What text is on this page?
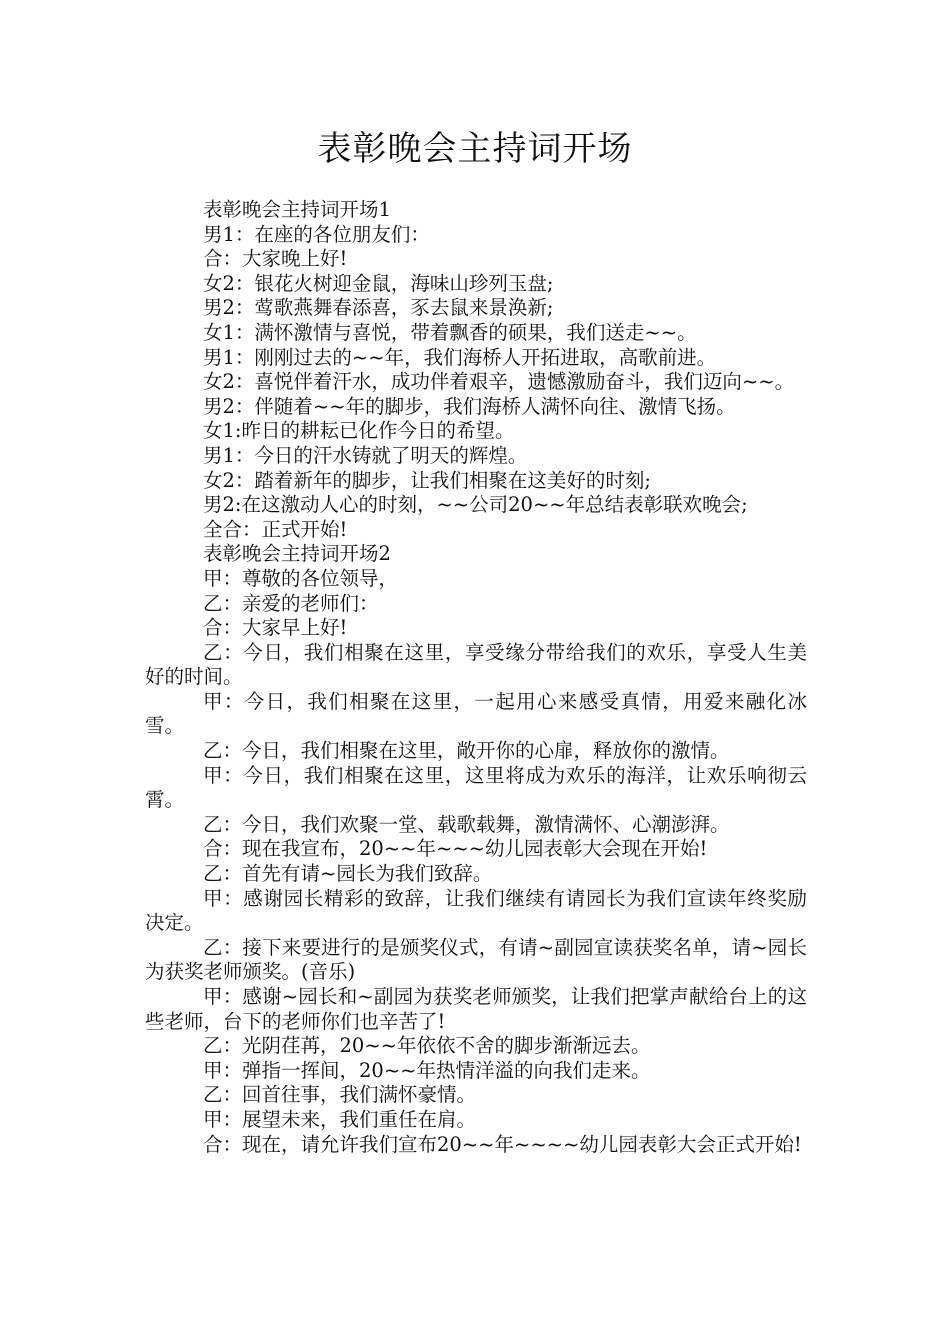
表彰晚会主持词开场

表彰晚会主持词开场1

男1：在座的各位朋友们：

合：大家晚上好!

女2：银花火树迎金鼠，海味山珍列玉盘;

男2：莺歌燕舞春添喜，豕去鼠来景涣新;

女1：满怀激情与喜悦，带着飘香的硕果，我们送走~~。

男1：刚刚过去的~~年，我们海桥人开拓进取，高歌前进。

女2：喜悦伴着汗水，成功伴着艰辛，遗憾激励奋斗，我们迈向~~。

男2：伴随着~~年的脚步，我们海桥人满怀向往、激情飞扬。

女1:昨日的耕耘已化作今日的希望。

男1：今日的汗水铸就了明天的辉煌。

女2：踏着新年的脚步，让我们相聚在这美好的时刻;

男2:在这激动人心的时刻，~~公司20~~年总结表彰联欢晚会;

全合：正式开始!

表彰晚会主持词开场2

甲：尊敬的各位领导，

乙：亲爱的老师们：

合：大家早上好!

乙：今日，我们相聚在这里，享受缘分带给我们的欢乐，享受人生美好的时间。

甲：今日，我们相聚在这里，一起用心来感受真情，用爱来融化冰雪。

乙：今日，我们相聚在这里，敞开你的心扉，释放你的激情。

甲：今日，我们相聚在这里，这里将成为欢乐的海洋，让欢乐响彻云霄。

乙：今日，我们欢聚一堂、载歌载舞，激情满怀、心潮澎湃。

合：现在我宣布，20~~年~~~幼儿园表彰大会现在开始!

乙：首先有请~园长为我们致辞。

甲：感谢园长精彩的致辞，让我们继续有请园长为我们宣读年终奖励决定。

乙：接下来要进行的是颁奖仪式，有请~副园宣读获奖名单，请~园长为获奖老师颁奖。(音乐)

甲：感谢~园长和~副园为获奖老师颁奖，让我们把掌声献给台上的这些老师，台下的老师你们也辛苦了!

乙：光阴荏苒，20~~年依依不舍的脚步渐渐远去。

甲：弹指一挥间，20~~年热情洋溢的向我们走来。

乙：回首往事，我们满怀豪情。

甲：展望未来，我们重任在肩。

合：现在，请允许我们宣布20~~年~~~~幼儿园表彰大会正式开始!
